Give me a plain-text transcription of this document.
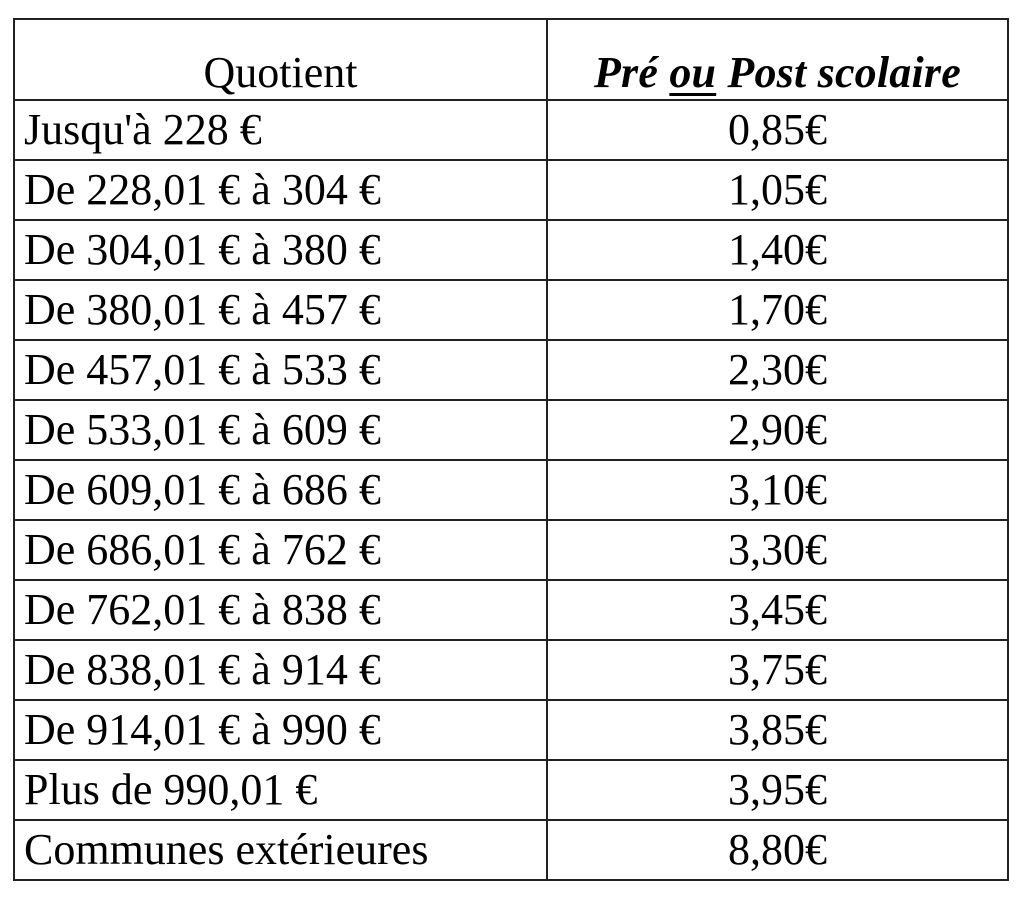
Quotient	Pré ou Post scolaire
Jusqu'à 228 €	0,85€
De 228,01 € à 304 €	1,05€
De 304,01 € à 380 €	1,40€
De 380,01 € à 457 €	1,70€
De 457,01 € à 533 €	2,30€
De 533,01 € à 609 €	2,90€
De 609,01 € à 686 €	3,10€
De 686,01 € à 762 €	3,30€
De 762,01 € à 838 €	3,45€
De 838,01 € à 914 €	3,75€
De 914,01 € à 990 €	3,85€
Plus de 990,01 €	3,95€
Communes extérieures	8,80€
